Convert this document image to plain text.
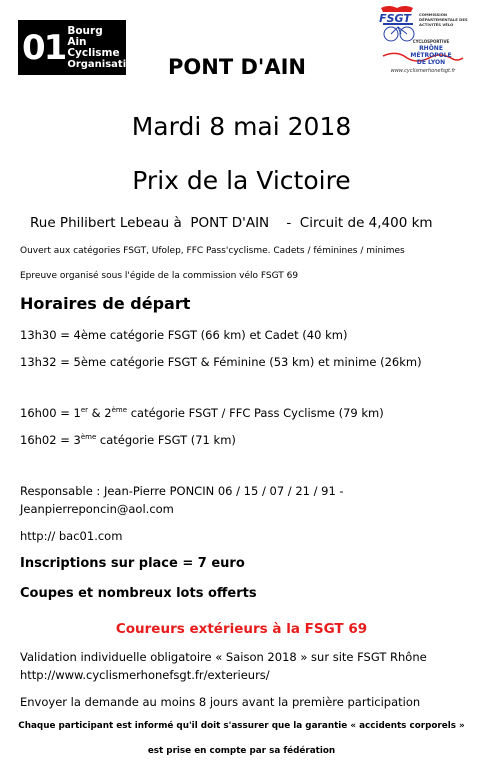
01 Bourg
Ain
Cyclisme
Organisation
FSGT	COMMISSION DÉPARTEMENTALE DES ACTIVITÉS VÉLO
CYCLOSPORTIVE
RHÔNE
MÉTROPOLE
DE LYON
www.cyclismerhonefsgt.fr
PONT D'AIN
Mardi 8 mai 2018
Prix de la Victoire
Rue Philibert Lebeau à  PONT D'AIN    -  Circuit de 4,400 km
Ouvert aux catégories FSGT, Ufolep, FFC Pass'cyclisme. Cadets / féminines / minimes
Epreuve organisé sous l'égide de la commission vélo FSGT 69
Horaires de départ
13h30 = 4ème catégorie FSGT (66 km) et Cadet (40 km)
13h32 = 5ème catégorie FSGT & Féminine (53 km) et minime (26km)
16h00 = 1er & 2ème catégorie FSGT / FFC Pass Cyclisme (79 km)
16h02 = 3ème catégorie FSGT (71 km)
Responsable : Jean-Pierre PONCIN 06 / 15 / 07 / 21 / 91 -
Jeanpierreponcin@aol.com
http:// bac01.com
Inscriptions sur place = 7 euro
Coupes et nombreux lots offerts
Coureurs extérieurs à la FSGT 69
Validation individuelle obligatoire « Saison 2018 » sur site FSGT Rhône
http://www.cyclismerhonefsgt.fr/exterieurs/
Envoyer la demande au moins 8 jours avant la première participation
Chaque participant est informé qu'il doit s'assurer que la garantie « accidents corporels »
est prise en compte par sa fédération
